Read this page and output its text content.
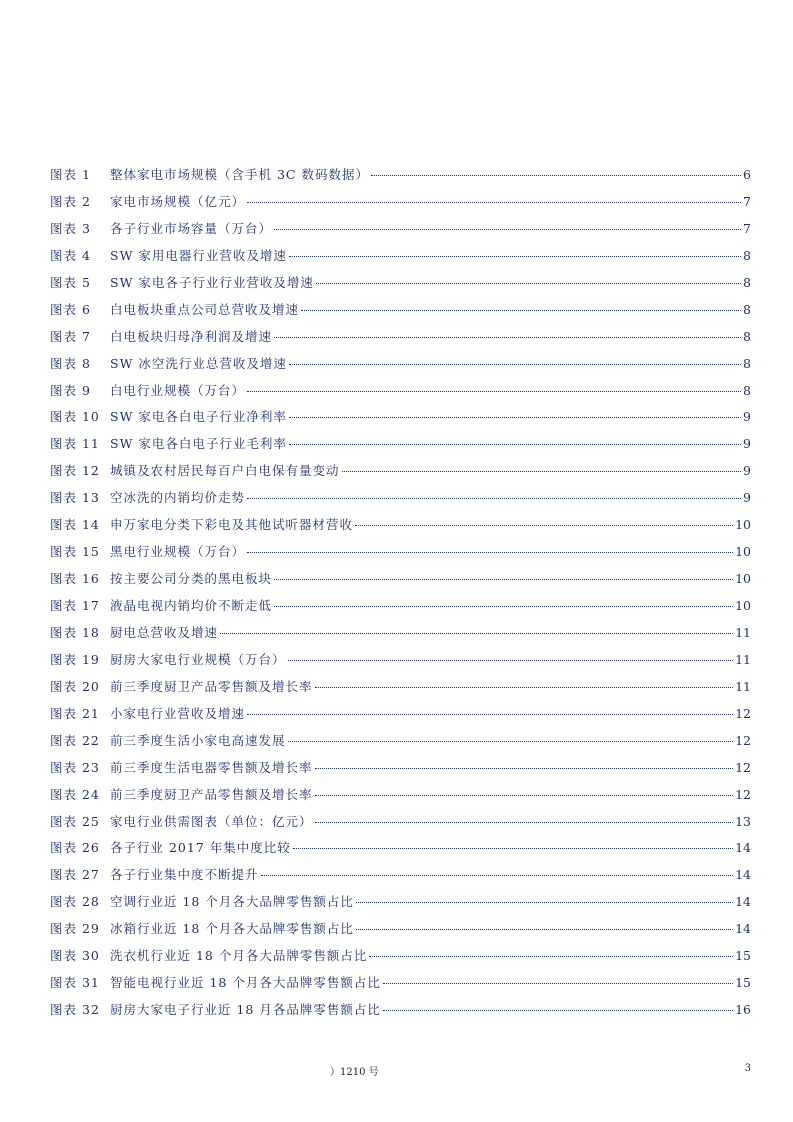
图表 1	整体家电市场规模（含手机 3C 数码数据）	6
图表 2	家电市场规模（亿元）	7
图表 3	各子行业市场容量（万台）	7
图表 4	SW 家用电器行业营收及增速	8
图表 5	SW 家电各子行业行业营收及增速	8
图表 6	白电板块重点公司总营收及增速	8
图表 7	白电板块归母净利润及增速	8
图表 8	SW 冰空洗行业总营收及增速	8
图表 9	白电行业规模（万台）	8
图表 10 SW 家电各白电子行业净利率	9
图表 11 SW 家电各白电子行业毛利率	9
图表 12 城镇及农村居民每百户白电保有量变动	9
图表 13 空冰洗的内销均价走势	9
图表 14 申万家电分类下彩电及其他试听器材营收	10
图表 15 黑电行业规模（万台）	10
图表 16 按主要公司分类的黑电板块	10
图表 17 液晶电视内销均价不断走低	10
图表 18 厨电总营收及增速	11
图表 19 厨房大家电行业规模（万台）	11
图表 20 前三季度厨卫产品零售额及增长率	11
图表 21 小家电行业营收及增速	12
图表 22 前三季度生活小家电高速发展	12
图表 23 前三季度生活电器零售额及增长率	12
图表 24 前三季度厨卫产品零售额及增长率	12
图表 25 家电行业供需图表（单位：亿元）	13
图表 26 各子行业 2017 年集中度比较	14
图表 27 各子行业集中度不断提升	14
图表 28 空调行业近 18 个月各大品牌零售额占比	14
图表 29 冰箱行业近 18 个月各大品牌零售额占比	14
图表 30 洗衣机行业近 18 个月各大品牌零售额占比	15
图表 31 智能电视行业近 18 个月各大品牌零售额占比	15
图表 32 厨房大家电子行业近 18 月各品牌零售额占比	16
）1210 号	3
